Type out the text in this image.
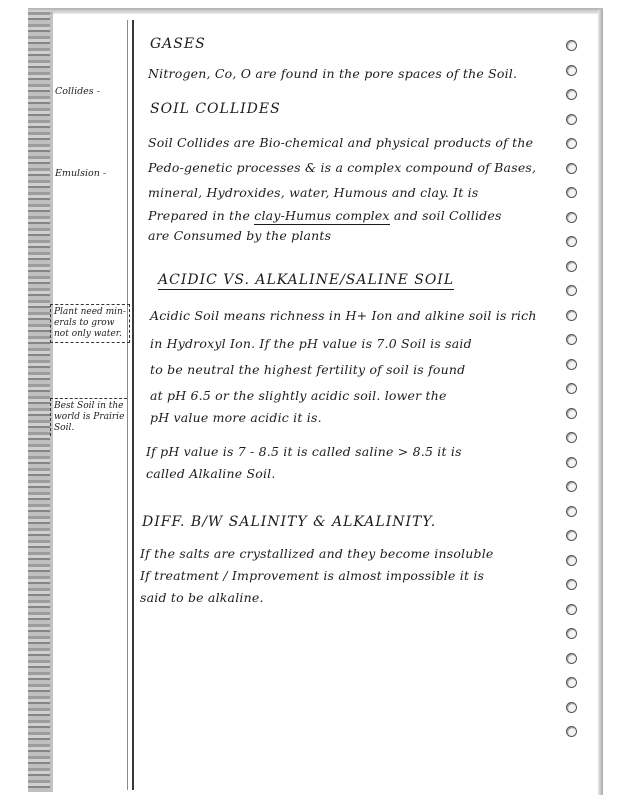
Collides -
Emulsion -
Plant need min-
erals to grow
not only water.
Best Soil in the
world is Prairie
Soil.
GASES
Nitrogen, Co, O are found in the pore spaces of the Soil.
SOIL COLLIDES
Soil Collides are Bio-chemical and physical products of the
Pedo-genetic processes & is a complex compound of Bases,
mineral, Hydroxides, water, Humous and clay. It is
Prepared in the clay-Humus complex and soil Collides
are Consumed by the plants
ACIDIC VS. ALKALINE/SALINE SOIL
Acidic Soil means richness in H+ Ion and alkine soil is rich
in Hydroxyl Ion. If the pH value is 7.0 Soil is said
to be neutral the highest fertility of soil is found
at pH 6.5 or the slightly acidic soil. lower the
pH value more acidic it is.
If pH value is 7 - 8.5 it is called saline > 8.5 it is
called Alkaline Soil.
DIFF. B/W SALINITY & ALKALINITY.
If the salts are crystallized and they become insoluble
If treatment / Improvement is almost impossible it is
said to be alkaline.
